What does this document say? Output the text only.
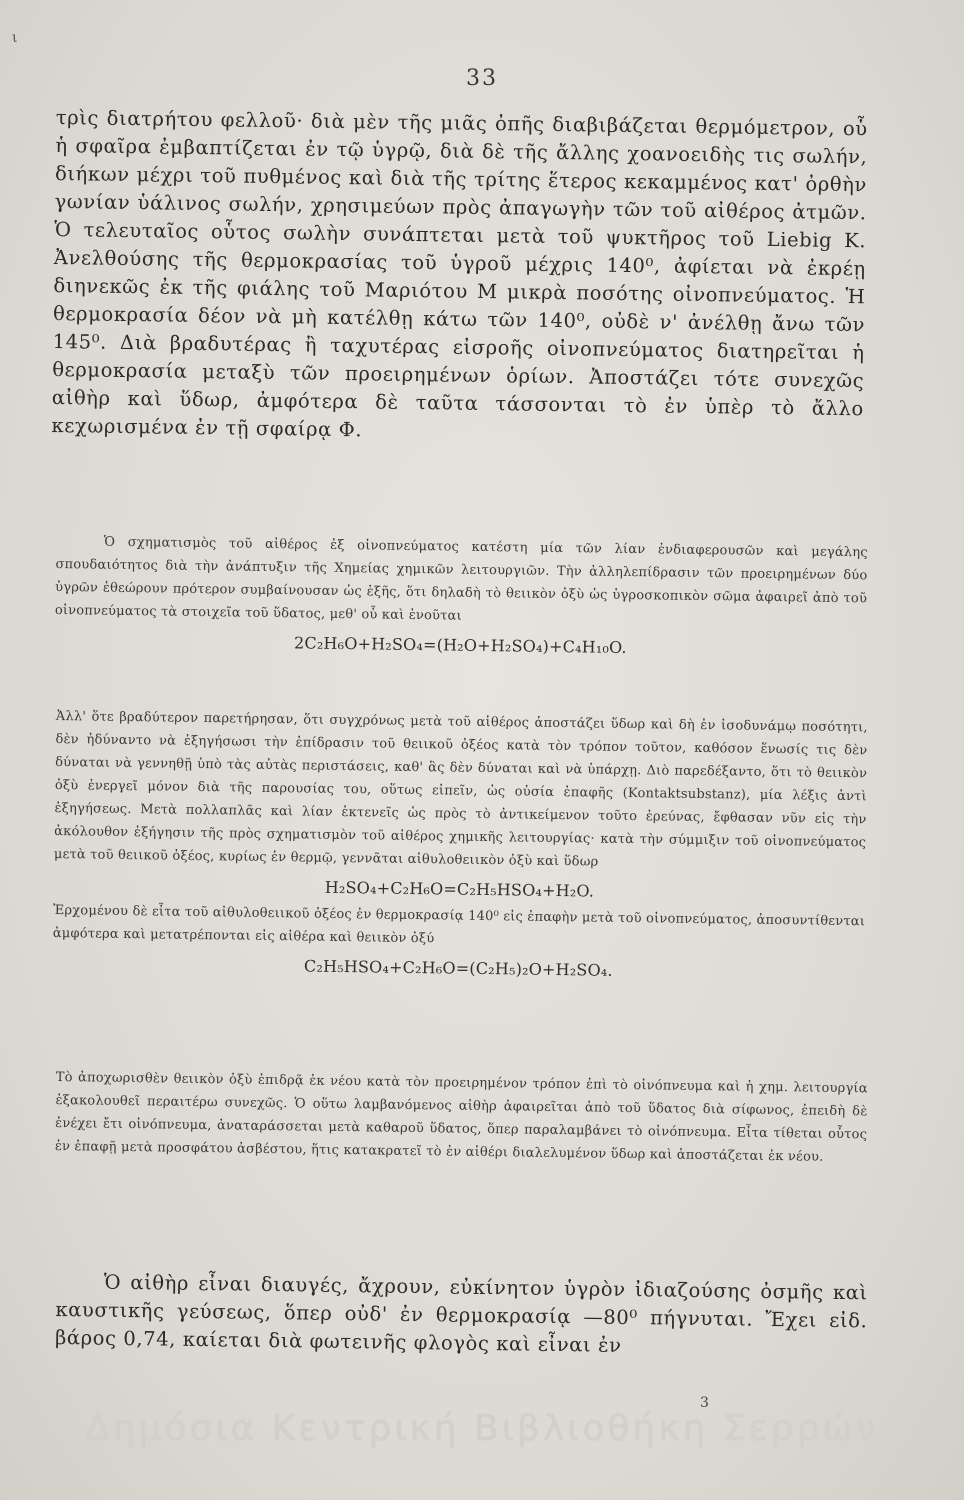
ι
33

τρὶς διατρήτου φελλοῦ· διὰ μὲν τῆς μιᾶς ὀπῆς διαβιβάζεται θερμόμετρον, οὗ ἡ σφαῖρα ἐμβαπτίζεται ἐν τῷ ὑγρῷ, διὰ δὲ τῆς ἄλλης χοανοειδὴς τις σωλήν, διήκων μέχρι τοῦ πυθμένος καὶ διὰ τῆς τρίτης ἕτερος κεκαμμένος κατ' ὀρθὴν γωνίαν ὑάλινος σωλήν, χρησιμεύων πρὸς ἀπαγωγὴν τῶν τοῦ αἰθέρος ἀτμῶν. Ὁ τελευταῖος οὗτος σωλὴν συνάπτεται μετὰ τοῦ ψυκτῆρος τοῦ Liebig K. Ἀνελθούσης τῆς θερμοκρασίας τοῦ ὑγροῦ μέχρις 140⁰, ἀφίεται νὰ ἐκρέῃ διηνεκῶς ἐκ τῆς φιάλης τοῦ Μαριότου M μικρὰ ποσότης οἰνοπνεύματος. Ἡ θερμοκρασία δέον νὰ μὴ κατέλθῃ κάτω τῶν 140⁰, οὐδὲ ν' ἀνέλθῃ ἄνω τῶν 145⁰. Διὰ βραδυτέρας ἢ ταχυτέρας εἰσροῆς οἰνοπνεύματος διατηρεῖται ἡ θερμοκρασία μεταξὺ τῶν προειρημένων ὁρίων. Ἀποστάζει τότε συνεχῶς αἰθὴρ καὶ ὕδωρ, ἀμφότερα δὲ ταῦτα τάσσονται τὸ ἐν ὑπὲρ τὸ ἄλλο κεχωρισμένα ἐν τῇ σφαίρᾳ Φ.

Ὁ σχηματισμὸς τοῦ αἰθέρος ἐξ οἰνοπνεύματος κατέστη μία τῶν λίαν ἐνδιαφερουσῶν καὶ μεγάλης σπουδαιότητος διὰ τὴν ἀνάπτυξιν τῆς Χημείας χημικῶν λειτουργιῶν. Τὴν ἀλληλεπίδρασιν τῶν προειρημένων δύο ὑγρῶν ἐθεώρουν πρότερον συμβαίνουσαν ὡς ἑξῆς, ὅτι δηλαδὴ τὸ θειικὸν ὀξὺ ὡς ὑγροσκοπικὸν σῶμα ἀφαιρεῖ ἀπὸ τοῦ οἰνοπνεύματος τὰ στοιχεῖα τοῦ ὕδατος, μεθ' οὗ καὶ ἑνοῦται

2C₂H₆O+H₂SO₄=(H₂O+H₂SO₄)+C₄H₁₀O.

Ἀλλ' ὅτε βραδύτερον παρετήρησαν, ὅτι συγχρόνως μετὰ τοῦ αἰθέρος ἀποστάζει ὕδωρ καὶ δὴ ἐν ἰσοδυνάμῳ ποσότητι, δὲν ἠδύναντο νὰ ἐξηγήσωσι τὴν ἐπίδρασιν τοῦ θειικοῦ ὀξέος κατὰ τὸν τρόπον τοῦτον, καθόσον ἕνωσίς τις δὲν δύναται νὰ γεννηθῇ ὑπὸ τὰς αὐτὰς περιστάσεις, καθ' ἃς δὲν δύναται καὶ νὰ ὑπάρχῃ. Διὸ παρεδέξαντο, ὅτι τὸ θειικὸν ὀξὺ ἐνεργεῖ μόνον διὰ τῆς παρουσίας του, οὕτως εἰπεῖν, ὡς οὐσία ἐπαφῆς (Kontaktsubstanz), μία λέξις ἀντὶ ἐξηγήσεως. Μετὰ πολλαπλᾶς καὶ λίαν ἐκτενεῖς ὡς πρὸς τὸ ἀντικείμενον τοῦτο ἐρεύνας, ἔφθασαν νῦν εἰς τὴν ἀκόλουθον ἐξήγησιν τῆς πρὸς σχηματισμὸν τοῦ αἰθέρος χημικῆς λειτουργίας· κατὰ τὴν σύμμιξιν τοῦ οἰνοπνεύματος μετὰ τοῦ θειικοῦ ὀξέος, κυρίως ἐν θερμῷ, γεννᾶται αἰθυλοθειικὸν ὀξὺ καὶ ὕδωρ

H₂SO₄+C₂H₆O=C₂H₅HSO₄+H₂O.

Ἐρχομένου δὲ εἶτα τοῦ αἰθυλοθειικοῦ ὀξέος ἐν θερμοκρασίᾳ 140⁰ εἰς ἐπαφὴν μετὰ τοῦ οἰνοπνεύματος, ἀποσυντίθενται ἀμφότερα καὶ μετατρέπονται εἰς αἰθέρα καὶ θειικὸν ὀξύ

C₂H₅HSO₄+C₂H₆O=(C₂H₅)₂O+H₂SO₄.

Τὸ ἀποχωρισθὲν θειικὸν ὀξὺ ἐπιδρᾷ ἐκ νέου κατὰ τὸν προειρημένον τρόπον ἐπὶ τὸ οἰνόπνευμα καὶ ἡ χημ. λειτουργία ἐξακολουθεῖ περαιτέρω συνεχῶς. Ὁ οὕτω λαμβανόμενος αἰθὴρ ἀφαιρεῖται ἀπὸ τοῦ ὕδατος διὰ σίφωνος, ἐπειδὴ δὲ ἐνέχει ἔτι οἰνόπνευμα, ἀναταράσσεται μετὰ καθαροῦ ὕδατος, ὅπερ παραλαμβάνει τὸ οἰνόπνευμα. Εἶτα τίθεται οὗτος ἐν ἐπαφῇ μετὰ προσφάτου ἀσβέστου, ἥτις κατακρατεῖ τὸ ἐν αἰθέρι διαλελυμένον ὕδωρ καὶ ἀποστάζεται ἐκ νέου.

Ὁ αἰθὴρ εἶναι διαυγές, ἄχρουν, εὐκίνητον ὑγρὸν ἰδιαζούσης ὀσμῆς καὶ καυστικῆς γεύσεως, ὅπερ οὐδ' ἐν θερμοκρασίᾳ —80⁰ πήγνυται. Ἔχει εἰδ. βάρος 0,74, καίεται διὰ φωτεινῆς φλογὸς καὶ εἶναι ἐν

3
Δημόσια Κεντρική Βιβλιοθήκη Σερρών
